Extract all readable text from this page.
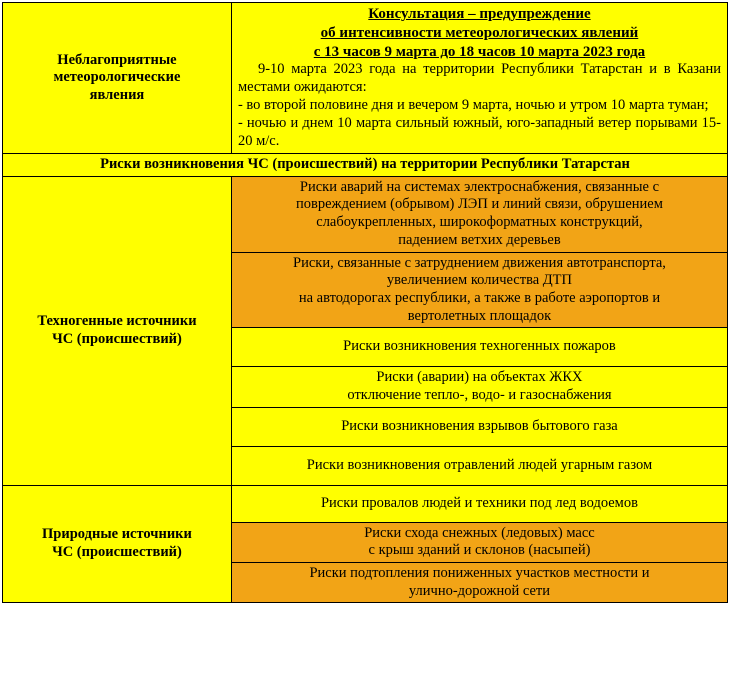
Неблагоприятные
метеорологические
явления

Консультация – предупреждение
об интенсивности метеорологических явлений
с 13 часов 9 марта до 18 часов 10 марта 2023 года
9-10 марта 2023 года на территории Республики Татарстан и в Казани местами ожидаются:
- во второй половине дня и вечером 9 марта, ночью и утром 10 марта туман;
- ночью и днем 10 марта сильный южный, юго-западный ветер порывами 15-20 м/с.

Риски возникновения ЧС (происшествий) на территории Республики Татарстан	

Техногенные источники
ЧС (происшествий)

Риски аварий на системах электроснабжения, связанные с
повреждением (обрывом) ЛЭП и линий связи, обрушением
слабоукрепленных, широкоформатных конструкций,
падением ветхих деревьев

	Риски, связанные с затруднением движения автотранспорта,
увеличением количества ДТП
на автодорогах республики, а также в работе аэропортов и
вертолетных площадок

	Риски возникновения техногенных пожаров

	Риски (аварии) на объектах ЖКХ
отключение тепло-, водо- и газоснабжения

	Риски возникновения взрывов бытового газа

	Риски возникновения отравлений людей угарным газом

Природные источники
ЧС (происшествий)	Риски провалов людей и техники под лед водоемов

	Риски схода снежных (ледовых) масс
с крыш зданий и склонов (насыпей)

	Риски подтопления пониженных участков местности и
улично-дорожной сети
